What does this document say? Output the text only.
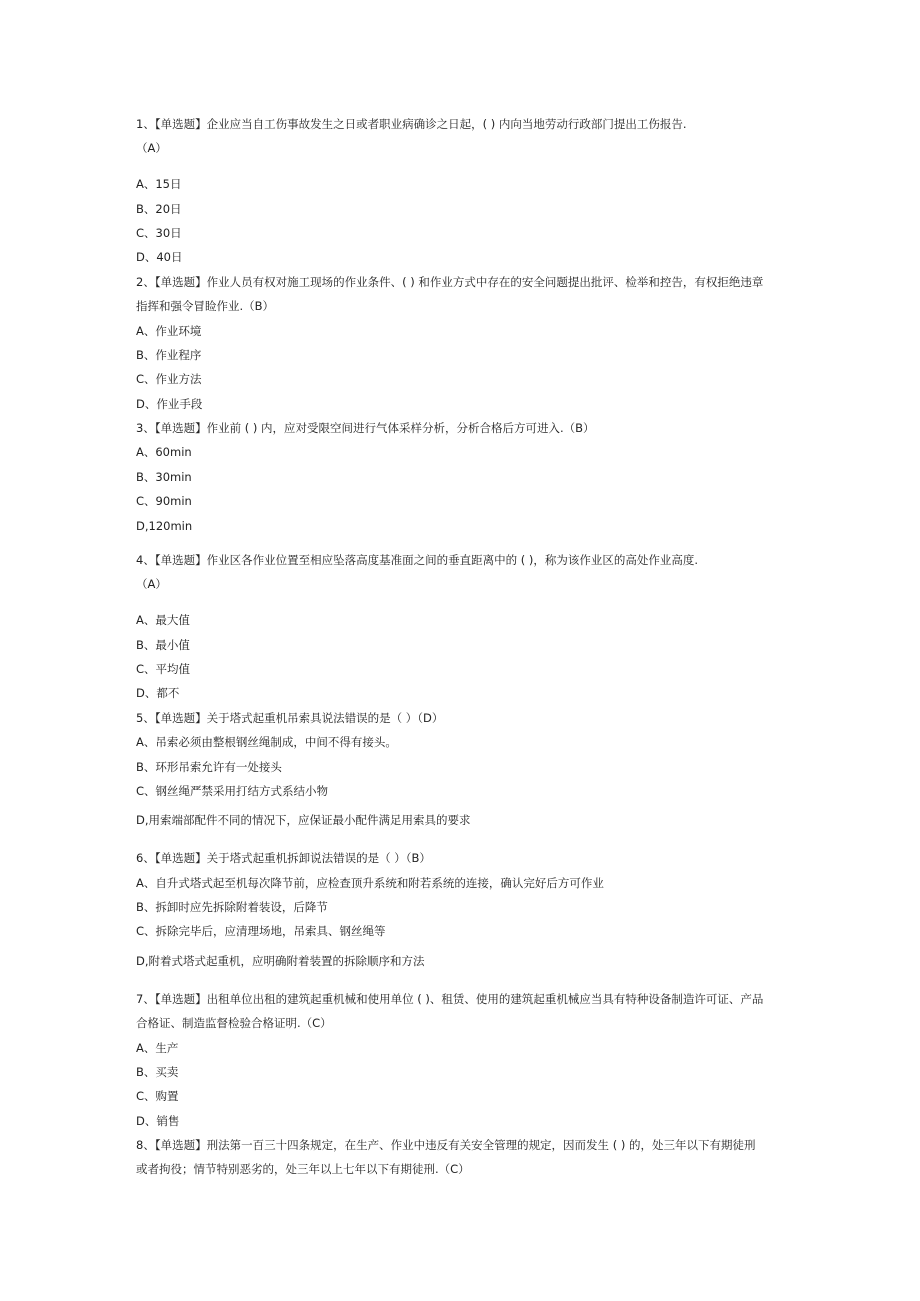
1、【单选题】企业应当自工伤事故发生之日或者职业病确诊之日起，( ) 内向当地劳动行政部门提出工伤报告.
（A）
A、15日
B、20日
C、30日
D、40日
2、【单选题】作业人员有权对施工现场的作业条件、( ) 和作业方式中存在的安全问题提出批评、检举和控告，有权拒绝违章
指挥和强令冒睑作业.（B）
A、作业环境
B、作业程序
C、作业方法
D、作业手段
3、【单选题】作业前 ( ) 内，应对受限空间进行气体采样分析，分析合格后方可进入.（B）
A、60min
B、30min
C、90min
D,120min
4、【单选题】作业区各作业位置至相应坠落高度基准面之间的垂直距离中的 ( )，称为该作业区的高处作业高度.
（A）
A、最大值
B、最小值
C、平均值
D、都不
5、【单选题】关于塔式起重机吊索具说法错误的是（ ）（D）
A、吊索必须由整根钢丝绳制成，中间不得有接头。
B、环形吊索允许有一处接头
C、钢丝绳严禁采用打结方式系结小物
D,用索端部配件不同的情况下，应保证最小配件满足用索具的要求
6、【单选题】关于塔式起重机拆卸说法错误的是（ ）（B）
A、自升式塔式起至机每次降节前，应检查顶升系统和附若系统的连接，确认完好后方可作业
B、拆卸时应先拆除附着装设，后降节
C、拆除完毕后，应清理场地，吊索具、钢丝绳等
D,附着式塔式起重机，应明确附着装置的拆除顺序和方法
7、【单选题】出租单位出租的建筑起重机械和使用单位 ( )、租赁、使用的建筑起重机械应当具有特种设备制造许可证、产品
合格证、制造监督检验合格证明.（C）
A、生产
B、买卖
C、购置
D、销售
8、【单选题】刑法第一百三十四条规定，在生产、作业中违反有关安全管理的规定，因而发生 ( ) 的，处三年以下有期徒刑
或者拘役；情节特别恶劣的，处三年以上七年以下有期徒刑.（C）
